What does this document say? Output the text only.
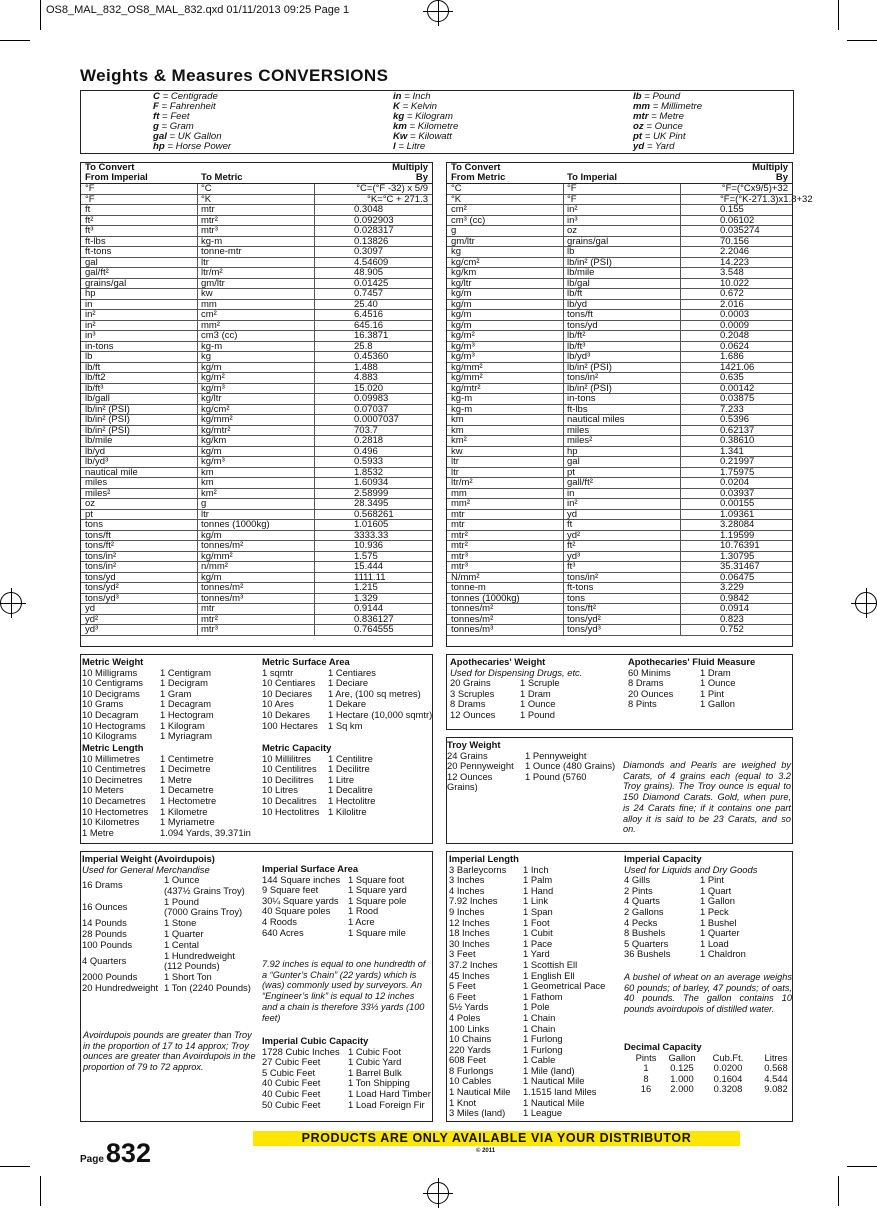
OS8_MAL_832_OS8_MAL_832.qxd 01/11/2013 09:25 Page 1
Weights & Measures CONVERSIONS
C = Centigrade
F = Fahrenheit
ft = Feet
g = Gram
gal = UK Gallon
hp = Horse Power
in = Inch
K = Kelvin
kg = Kilogram
km = Kilometre
Kw = Kilowatt
l = Litre
lb = Pound
mm = Millimetre
mtr = Metre
oz = Ounce
pt = UK Pint
yd = Yard
To Convert
From Imperial	To Metric
Multiply
By
°F	°C	°C=(°F -32) x 5/9
°F	°K	°K=°C + 271.3
ft	mtr	0.3048
ft²	mtr²	0.092903
ft³	mtr³	0.028317
ft-lbs	kg-m	0.13826
ft-tons	tonne-mtr	0.3097
gal	ltr	4.54609
gal/ft²	ltr/m²	48.905
grains/gal	gm/ltr	0.01425
hp	kw	0.7457
in	mm	25.40
in²	cm²	6.4516
in²	mm²	645.16
in³	cm3 (cc)	16.3871
in-tons	kg-m	25.8
lb	kg	0.45360
lb/ft	kg/m	1.488
lb/ft2	kg/m²	4.883
lb/ft³	kg/m³	15.020
lb/gall	kg/ltr	0.09983
lb/in² (PSI)	kg/cm²	0.07037
lb/in² (PSI)	kg/mm²	0.0007037
lb/in² (PSI)	kg/mtr²	703.7
lb/mile	kg/km	0.2818
lb/yd	kg/m	0.496
lb/yd³	kg/m³	0.5933
nautical mile	km	1.8532
miles	km	1.60934
miles²	km²	2.58999
oz	g	28.3495
pt	ltr	0.568261
tons	tonnes (1000kg)	1.01605
tons/ft	kg/m	3333.33
tons/ft²	tonnes/m²	10.936
tons/in²	kg/mm²	1.575
tons/in²	n/mm²	15.444
tons/yd	kg/m	1111.11
tons/yd²	tonnes/m²	1.215
tons/yd³	tonnes/m³	1.329
yd	mtr	0.9144
yd²	mtr²	0.836127
yd³	mtr³	0.764555
To Convert
From Metric	To Imperial
Multiply
By
°C	°F	°F=(°Cx9/5)+32
°K	°F	°F=(°K-271.3)x1.8+32
cm²	in²	0.155
cm³ (cc)	in³	0.06102
g	oz	0.035274
gm/ltr	grains/gal	70.156
kg	lb	2.2046
kg/cm²	lb/in² (PSI)	14.223
kg/km	lb/mile	3.548
kg/ltr	lb/gal	10.022
kg/m	lb/ft	0.672
kg/m	lb/yd	2.016
kg/m	tons/ft	0.0003
kg/m	tons/yd	0.0009
kg/m²	lb/ft²	0.2048
kg/m³	lb/ft³	0.0624
kg/m³	lb/yd³	1.686
kg/mm²	lb/in² (PSI)	1421.06
kg/mm²	tons/in²	0.635
kg/mtr²	lb/in² (PSI)	0.00142
kg-m	in-tons	0.03875
kg-m	ft-lbs	7.233
km	nautical miles	0.5396
km	miles	0.62137
km²	miles²	0.38610
kw	hp	1.341
ltr	gal	0.21997
ltr	pt	1.75975
ltr/m²	gall/ft²	0.0204
mm	in	0.03937
mm²	in²	0.00155
mtr	yd	1.09361
mtr	ft	3.28084
mtr²	yd²	1.19599
mtr²	ft²	10.76391
mtr³	yd³	1.30795
mtr³	ft³	35.31467
N/mm²	tons/in²	0.06475
tonne-m	ft-tons	3.229
tonnes (1000kg)	tons	0.9842
tonnes/m²	tons/ft²	0.0914
tonnes/m²	tons/yd²	0.823
tonnes/m³	tons/yd³	0.752
Metric Weight
10 Milligrams 1 Centigram
10 Centigrams 1 Decigram
10 Decigrams 1 Gram
10 Grams	1 Decagram
10 Decagram 1 Hectogram
10 Hectograms 1 Kilogram
10 Kilograms 1 Myriagram
Metric Length
10 Millimetres 1 Centimetre
10 Centimetres 1 Decimetre
10 Decimetres 1 Metre
10 Meters	1 Decametre
10 Decametres 1 Hectometre
10 Hectometres 1 Kilometre
10 Kilometres 1 Myriametre
1 Metre	1.094 Yards, 39.371in
Metric Surface Area
1 sqmtr	1 Centiares
10 Centiares 1 Deciare
10 Deciares 1 Are, (100 sq metres)
10 Ares	1 Dekare
10 Dekares 1 Hectare (10,000 sqmtr)
100 Hectares 1 Sq km
Metric Capacity
10 Millilitres 1 Centilitre
10 Centilitres 1 Decilitre
10 Decilitres 1 Litre
10 Litres	1 Decalitre
10 Decalitres 1 Hectolitre
10 Hectolitres 1 Kilolitre
Apothecaries' Weight
Used for Dispensing Drugs, etc.
20 Grains	1 Scruple
3 Scruples	1 Dram
8 Drams	1 Ounce
12 Ounces	1 Pound
Apothecaries' Fluid Measure
60 Minims	1 Dram
8 Drams	1 Ounce
20 Ounces	1 Pint
8 Pints	1 Gallon
Troy Weight
24 Grains	1 Pennyweight
20 Pennyweight 1 Ounce (480 Grains)
12 Ounces	1 Pound (5760
Grains)
Diamonds and Pearls are weighed by Carats, of 4 grains each (equal to 3.2 Troy grains). The Troy ounce is equal to 150 Diamond Carats. Gold, when pure, is 24 Carats fine; if it contains one part alloy it is said to be 23 Carats, and so on.
Imperial Weight (Avoirdupois)
Used for General Merchandise
16 Drams	1 Ounce
(437½ Grains Troy)
16 Ounces	1 Pound
(7000 Grains Troy)
14 Pounds	1 Stone
28 Pounds	1 Quarter
100 Pounds	1 Cental
4 Quarters	1 Hundredweight
(112 Pounds)
2000 Pounds	1 Short Ton
20 Hundredweight 1 Ton (2240 Pounds)
Avoirdupois pounds are greater than Troy in the proportion of 17 to 14 approx; Troy ounces are greater than Avoirdupois in the proportion of 79 to 72 approx.
Imperial Surface Area
144 Square inches 1 Square foot
9 Square feet	1 Square yard
30¼ Square yards 1 Square pole
40 Square poles 1 Rood
4 Roods	1 Acre
640 Acres	1 Square mile
7.92 inches is equal to one hundredth of a “Gunter’s Chain” (22 yards) which is (was) commonly used by surveyors. An “Engineer’s link” is equal to 12 inches and a chain is therefore 33⅓ yards (100 feet)
Imperial Cubic Capacity
1728 Cubic Inches 1 Cubic Foot
27 Cubic Feet	1 Cubic Yard
5 Cubic Feet	1 Barrel Bulk
40 Cubic Feet	1 Ton Shipping
40 Cubic Feet	1 Load Hard Timber
50 Cubic Feet	1 Load Foreign Fir
Imperial Length
3 Barleycorns 1 Inch
3 Inches	1 Palm
4 Inches	1 Hand
7.92 Inches	1 Link
9 Inches	1 Span
12 Inches	1 Foot
18 Inches	1 Cubit
30 Inches	1 Pace
3 Feet	1 Yard
37.2 Inches	1 Scottish Ell
45 Inches	1 English Ell
5 Feet	1 Geometrical Pace
6 Feet	1 Fathom
5½ Yards	1 Pole
4 Poles	1 Chain
100 Links	1 Chain
10 Chains	1 Furlong
220 Yards	1 Furlong
608 Feet	1 Cable
8 Furlongs	1 Mile (land)
10 Cables	1 Nautical Mile
1 Nautical Mile 1.1515 land Miles
1 Knot	1 Nautical Mile
3 Miles (land) 1 League
Imperial Capacity
Used for Liquids and Dry Goods
4 Gills	1 Pint
2 Pints	1 Quart
4 Quarts	1 Gallon
2 Gallons	1 Peck
4 Pecks	1 Bushel
8 Bushels	1 Quarter
5 Quarters	1 Load
36 Bushels	1 Chaldron
A bushel of wheat on an average weighs 60 pounds; of barley, 47 pounds; of oats, 40 pounds. The gallon contains 10 pounds avoirdupois of distilled water.
Decimal Capacity
Pints	Gallon	Cub.Ft.	Litres
1	0.125	0.0200	0.568
8	1.000	0.1604	4.544
16	2.000	0.3208	9.082
Page832	PRODUCTS ARE ONLY AVAILABLE VIA YOUR DISTRIBUTOR
© 2011
